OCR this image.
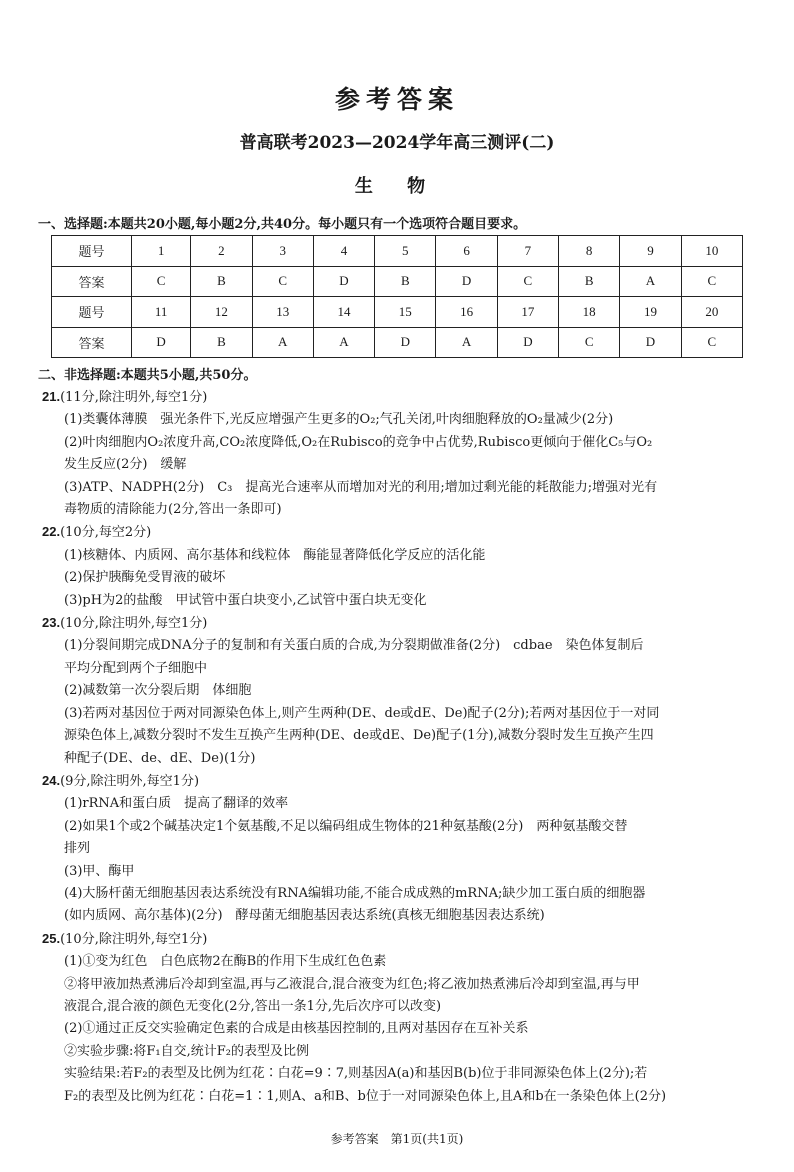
参考答案
普高联考2023—2024学年高三测评(二)
生 物
一、选择题:本题共20小题,每小题2分,共40分。每小题只有一个选项符合题目要求。
题号	1	2	3	4	5	6	7	8	9	10
答案	C	B	C	D	B	D	C	B	A	C
题号	11	12	13	14	15	16	17	18	19	20
答案	D	B	A	A	D	A	D	C	D	C
二、非选择题:本题共5小题,共50分。
21.(11分,除注明外,每空1分)
(1)类囊体薄膜　强光条件下,光反应增强产生更多的O₂;气孔关闭,叶肉细胞释放的O₂量减少(2分)
(2)叶肉细胞内O₂浓度升高,CO₂浓度降低,O₂在Rubisco的竞争中占优势,Rubisco更倾向于催化C₅与O₂
发生反应(2分)　缓解
(3)ATP、NADPH(2分)　C₃　提高光合速率从而增加对光的利用;增加过剩光能的耗散能力;增强对光有
毒物质的清除能力(2分,答出一条即可)
22.(10分,每空2分)
(1)核糖体、内质网、高尔基体和线粒体　酶能显著降低化学反应的活化能
(2)保护胰酶免受胃液的破坏
(3)pH为2的盐酸　甲试管中蛋白块变小,乙试管中蛋白块无变化
23.(10分,除注明外,每空1分)
(1)分裂间期完成DNA分子的复制和有关蛋白质的合成,为分裂期做准备(2分)　cdbae　染色体复制后
平均分配到两个子细胞中
(2)减数第一次分裂后期　体细胞
(3)若两对基因位于两对同源染色体上,则产生两种(DE、de或dE、De)配子(2分);若两对基因位于一对同
源染色体上,减数分裂时不发生互换产生两种(DE、de或dE、De)配子(1分),减数分裂时发生互换产生四
种配子(DE、de、dE、De)(1分)
24.(9分,除注明外,每空1分)
(1)rRNA和蛋白质　提高了翻译的效率
(2)如果1个或2个碱基决定1个氨基酸,不足以编码组成生物体的21种氨基酸(2分)　两种氨基酸交替
排列
(3)甲、酶甲
(4)大肠杆菌无细胞基因表达系统没有RNA编辑功能,不能合成成熟的mRNA;缺少加工蛋白质的细胞器
(如内质网、高尔基体)(2分)　酵母菌无细胞基因表达系统(真核无细胞基因表达系统)
25.(10分,除注明外,每空1分)
(1)①变为红色　白色底物2在酶B的作用下生成红色色素
②将甲液加热煮沸后冷却到室温,再与乙液混合,混合液变为红色;将乙液加热煮沸后冷却到室温,再与甲
液混合,混合液的颜色无变化(2分,答出一条1分,先后次序可以改变)
(2)①通过正反交实验确定色素的合成是由核基因控制的,且两对基因存在互补关系
②实验步骤:将F₁自交,统计F₂的表型及比例
实验结果:若F₂的表型及比例为红花∶白花=9∶7,则基因A(a)和基因B(b)位于非同源染色体上(2分);若
F₂的表型及比例为红花∶白花=1∶1,则A、a和B、b位于一对同源染色体上,且A和b在一条染色体上(2分)
参考答案　第1页(共1页)
